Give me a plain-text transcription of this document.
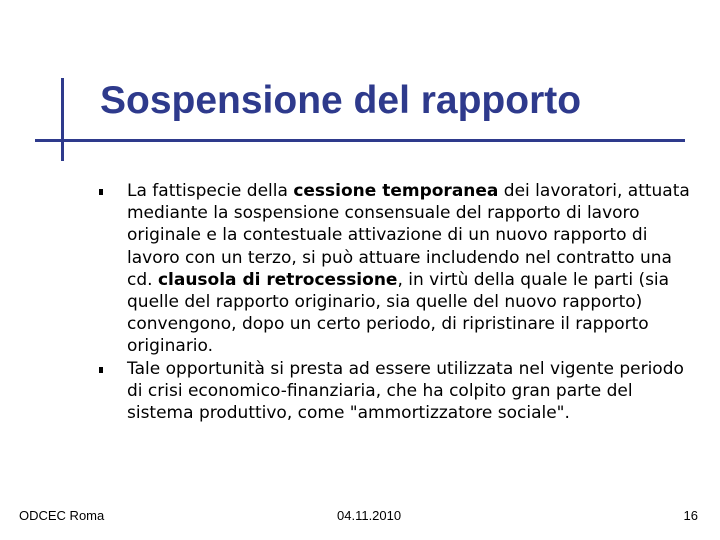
Sospensione del rapporto
La fattispecie della cessione temporanea dei lavoratori, attuata mediante la sospensione consensuale del rapporto di lavoro originale e la contestuale attivazione di un nuovo rapporto di lavoro con un terzo, si può attuare includendo nel contratto una cd. clausola di retrocessione, in virtù della quale le parti (sia quelle del rapporto originario, sia quelle del nuovo rapporto) convengono, dopo un certo periodo, di ripristinare il rapporto originario.
Tale opportunità si presta ad essere utilizzata nel vigente periodo di crisi economico-finanziaria, che ha colpito gran parte del sistema produttivo, come "ammortizzatore sociale".
ODCEC Roma	04.11.2010	16
